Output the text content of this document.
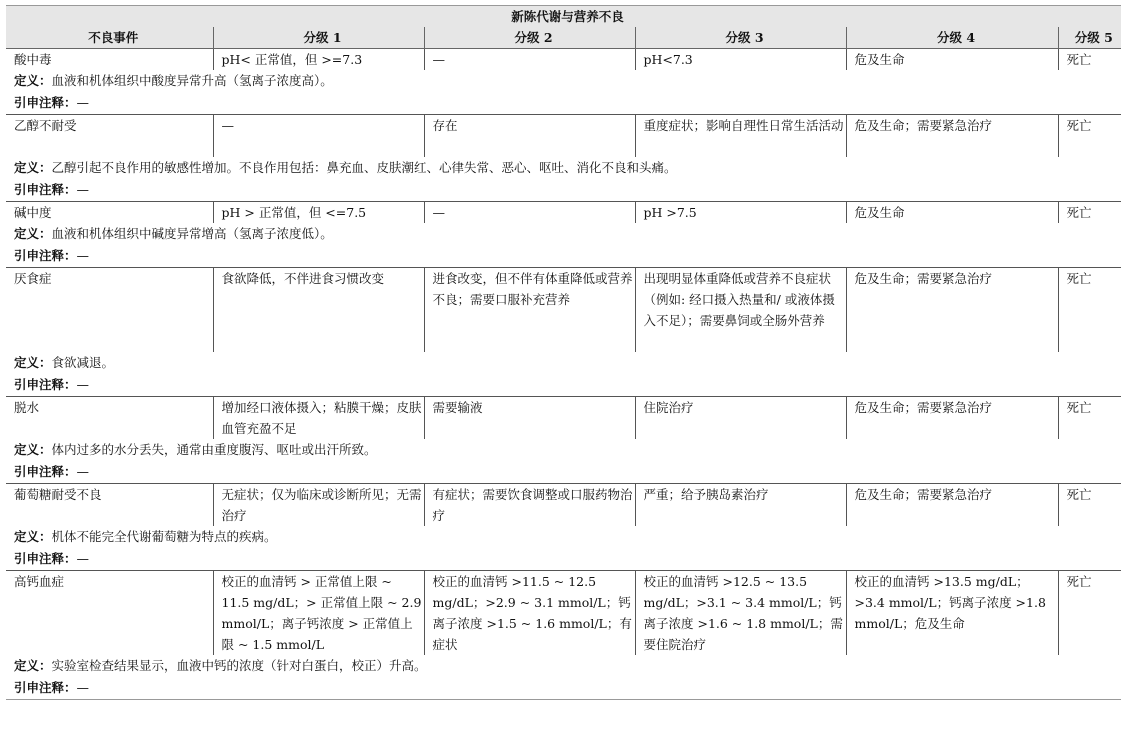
新陈代谢与营养不良					
不良事件	分级 1	分级 2	分级 3	分级 4	分级 5
酸中毒	pH< 正常值，但 >=7.3	—	pH<7.3	危及生命	死亡
定义：血液和机体组织中酸度异常升高（氢离子浓度高）。					
引申注释：—					
乙醇不耐受	—	存在	重度症状；影响自理性日常生活活动	危及生命；需要紧急治疗	死亡
定义：乙醇引起不良作用的敏感性增加。不良作用包括：鼻充血、皮肤潮红、心律失常、恶心、呕吐、消化不良和头痛。					
引申注释：—					
碱中度	pH > 正常值，但 <=7.5	—	pH >7.5	危及生命	死亡
定义：血液和机体组织中碱度异常增高（氢离子浓度低）。					
引申注释：—					
厌食症	食欲降低，不伴进食习惯改变	进食改变，但不伴有体重降低或营养不良；需要口服补充营养	出现明显体重降低或营养不良症状（例如: 经口摄入热量和/ 或液体摄入不足）；需要鼻饲或全肠外营养	危及生命；需要紧急治疗	死亡
定义：食欲减退。					
引申注释：—					
脱水	增加经口液体摄入；粘膜干燥；皮肤血管充盈不足	需要输液	住院治疗	危及生命；需要紧急治疗	死亡
定义：体内过多的水分丢失，通常由重度腹泻、呕吐或出汗所致。					
引申注释：—					
葡萄糖耐受不良	无症状；仅为临床或诊断所见；无需治疗	有症状；需要饮食调整或口服药物治疗	严重；给予胰岛素治疗	危及生命；需要紧急治疗	死亡
定义：机体不能完全代谢葡萄糖为特点的疾病。					
引申注释：—					
高钙血症	校正的血清钙 > 正常值上限 ~ 11.5 mg/dL；> 正常值上限 ~ 2.9 mmol/L；离子钙浓度 > 正常值上限 ~ 1.5 mmol/L	校正的血清钙 >11.5 ~ 12.5 mg/dL；>2.9 ~ 3.1 mmol/L；钙离子浓度 >1.5 ~ 1.6 mmol/L；有症状	校正的血清钙 >12.5 ~ 13.5 mg/dL；>3.1 ~ 3.4 mmol/L；钙离子浓度 >1.6 ~ 1.8 mmol/L；需要住院治疗	校正的血清钙 >13.5 mg/dL；>3.4 mmol/L；钙离子浓度 >1.8 mmol/L；危及生命	死亡
定义：实验室检查结果显示，血液中钙的浓度（针对白蛋白，校正）升高。					
引申注释：—					
